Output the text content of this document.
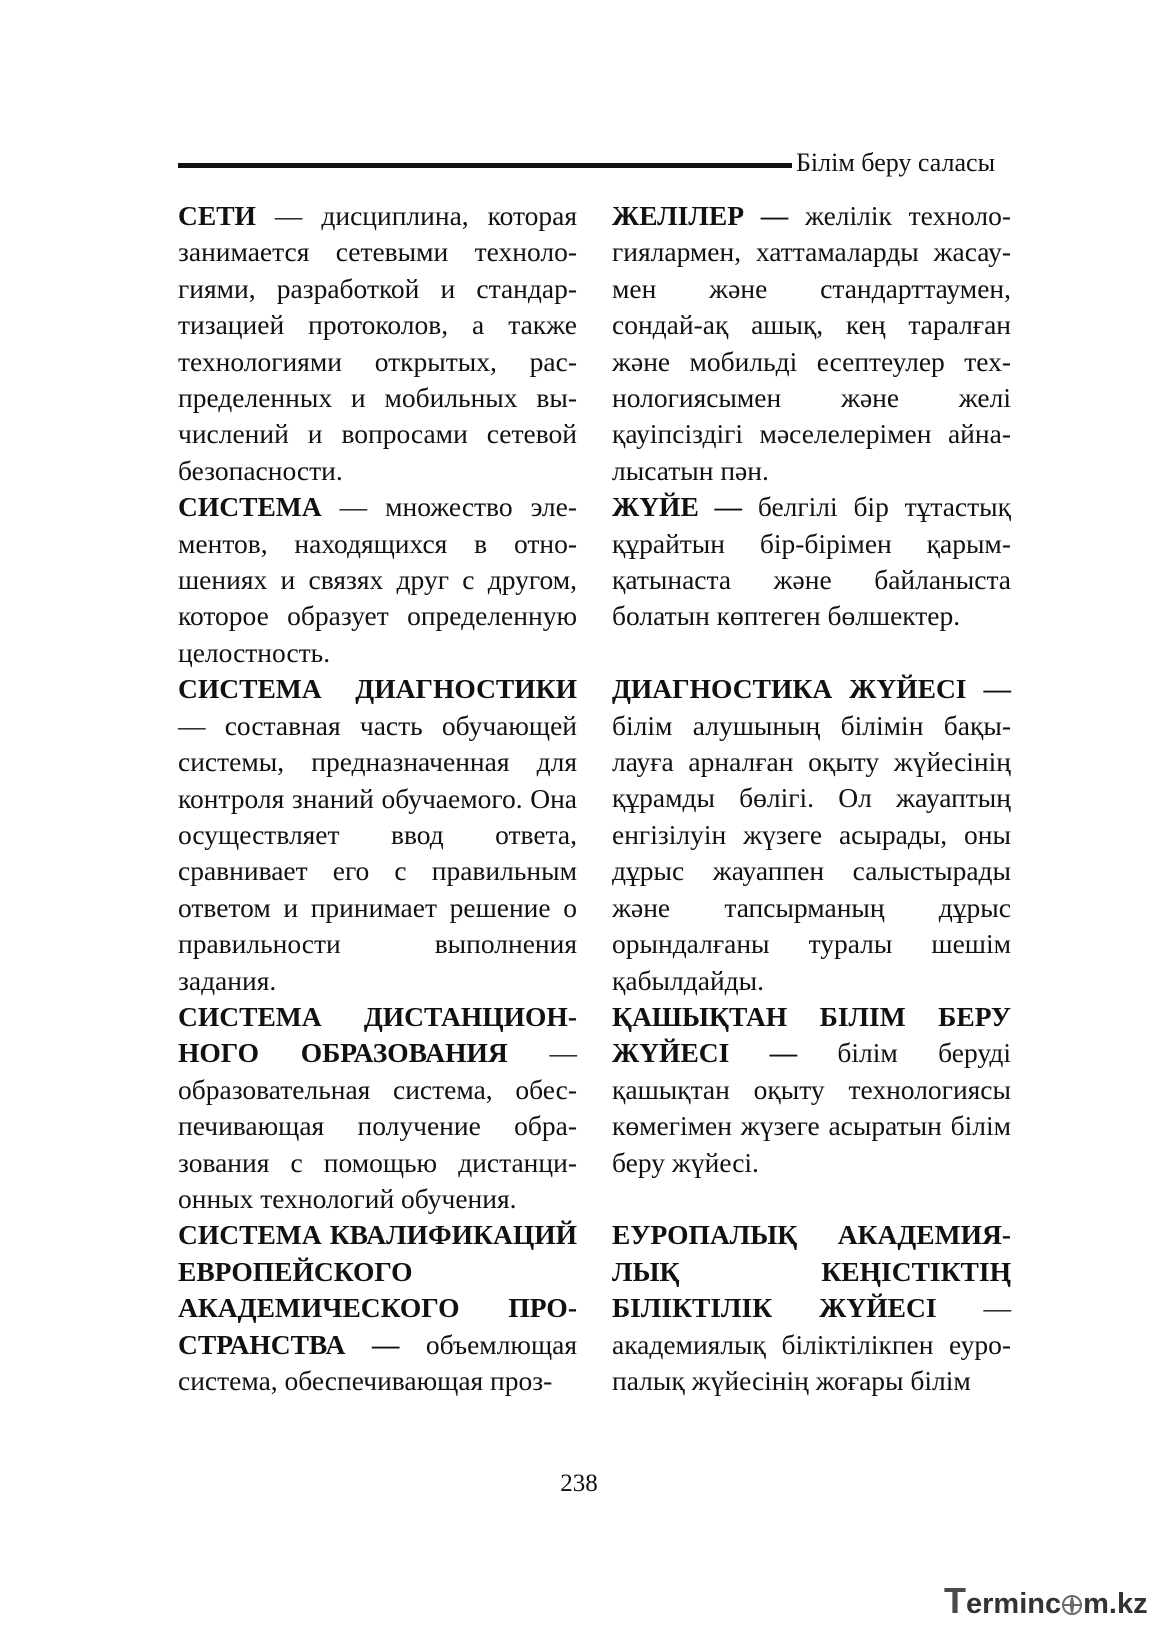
Білім беру саласы

СЕТИ — дисциплина, которая занимается сетевыми технологиями, разработкой и стандартизацией протоколов, а также технологиями открытых, распределенных и мобильных вычислений и вопросами сетевой безопасности.

СИСТЕМА — множество элементов, находящихся в отношениях и связях друг с другом, которое образует определенную целостность.

СИСТЕМА ДИАГНОСТИКИ — составная часть обучающей системы, предназначенная для контроля знаний обучаемого. Она осуществляет ввод ответа, сравнивает его с правильным ответом и принимает решение о правильности выполнения задания.

СИСТЕМА ДИСТАНЦИОННОГО ОБРАЗОВАНИЯ — образовательная система, обеспечивающая получение образования с помощью дистанционных технологий обучения.

СИСТЕМА КВАЛИФИКАЦИЙ ЕВРОПЕЙСКОГО АКАДЕМИЧЕСКОГО ПРОСТРАНСТВА — объемлющая система, обеспечивающая проз-

ЖЕЛІЛЕР — желілік технологиялармен, хаттамаларды жасаумен және стандарттаумен, сондай-ақ ашық, кең таралған және мобильді есептеулер технологиясымен және желі қауіпсіздігі мәселелерімен айналысатын пән.

ЖҮЙЕ — белгілі бір тұтастық құрайтын бір-бірімен қарым-қатынаста және байланыста болатын көптеген бөлшектер.

ДИАГНОСТИКА ЖҮЙЕСІ — білім алушының білімін бақылауға арналған оқыту жүйесінің құрамды бөлігі. Ол жауаптың енгізілуін жүзеге асырады, оны дұрыс жауаппен салыстырады және тапсырманың дұрыс орындалғаны туралы шешім қабылдайды.

ҚАШЫҚТАН БІЛІМ БЕРУ ЖҮЙЕСІ — білім беруді қашықтан оқыту технологиясы көмегімен жүзеге асыратын білім беру жүйесі.

ЕУРОПАЛЫҚ АКАДЕМИЯЛЫҚ КЕҢІСТІКТІҢ БІЛІКТІЛІК ЖҮЙЕСІ — академиялық біліктілікпен еуропалық жүйесінің жоғары білім

238
Terminc m.kz
